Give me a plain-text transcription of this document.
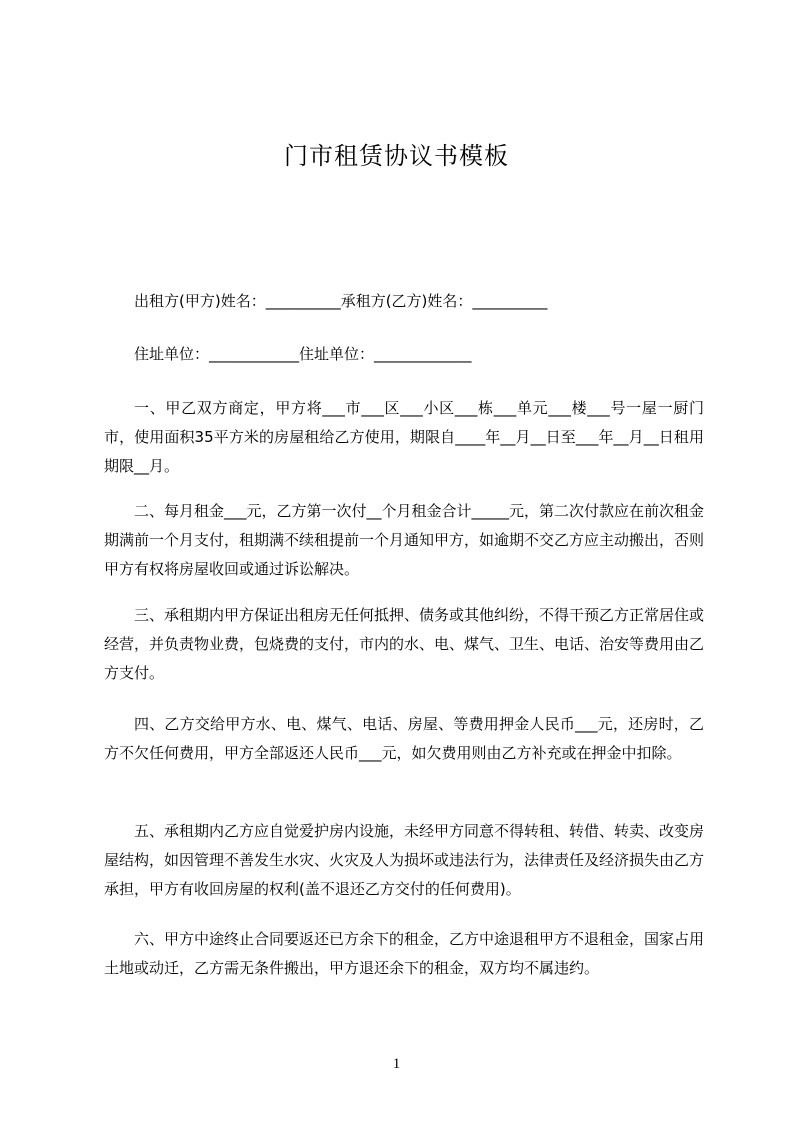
门市租赁协议书模板
出租方(甲方)姓名：__________承租方(乙方)姓名：__________
住址单位：____________住址单位：_____________
一、甲乙双方商定，甲方将___市___区___小区___栋___单元___楼___号一屋一厨门市，使用面积35平方米的房屋租给乙方使用，期限自____年__月__日至___年__月__日租用期限__月。
二、每月租金___元，乙方第一次付__个月租金合计_____元，第二次付款应在前次租金期满前一个月支付，租期满不续租提前一个月通知甲方，如逾期不交乙方应主动搬出，否则甲方有权将房屋收回或通过诉讼解决。
三、承租期内甲方保证出租房无任何抵押、债务或其他纠纷，不得干预乙方正常居住或经营，并负责物业费，包烧费的支付，市内的水、电、煤气、卫生、电话、治安等费用由乙方支付。
四、乙方交给甲方水、电、煤气、电话、房屋、等费用押金人民币___元，还房时，乙方不欠任何费用，甲方全部返还人民币___元，如欠费用则由乙方补充或在押金中扣除。
五、承租期内乙方应自觉爱护房内设施，未经甲方同意不得转租、转借、转卖、改变房屋结构，如因管理不善发生水灾、火灾及人为损坏或违法行为，法律责任及经济损失由乙方承担，甲方有收回房屋的权利(盖不退还乙方交付的任何费用)。
六、甲方中途终止合同要返还已方余下的租金，乙方中途退租甲方不退租金，国家占用土地或动迁，乙方需无条件搬出，甲方退还余下的租金，双方均不属违约。
1
